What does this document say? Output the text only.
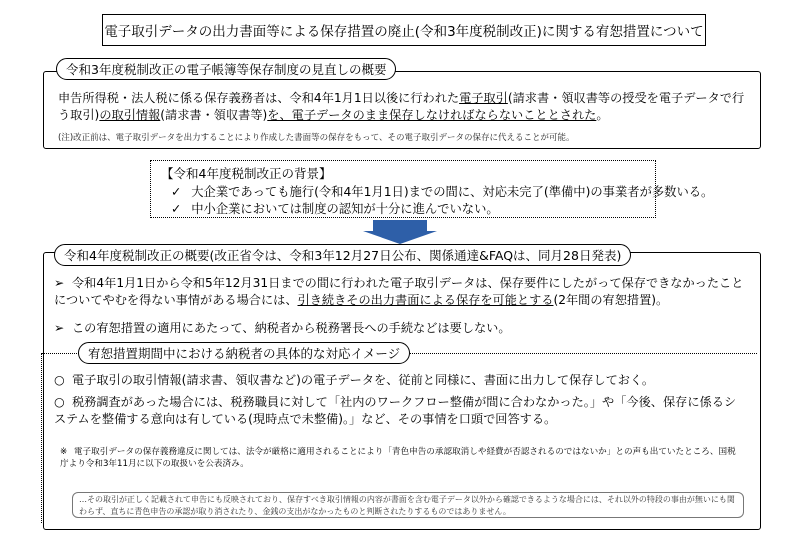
電子取引データの出力書面等による保存措置の廃止(令和3年度税制改正)に関する宥恕措置について
令和3年度税制改正の電子帳簿等保存制度の見直しの概要
申告所得税・法人税に係る保存義務者は、令和4年1月1日以後に行われた電子取引(請求書・領収書等の授受を電子データで行う取引)の取引情報(請求書・領収書等)を、電子データのまま保存しなければならないこととされた。
(注)改正前は、電子取引データを出力することにより作成した書面等の保存をもって、その電子取引データの保存に代えることが可能。
【令和4年度税制改正の背景】
✓ 大企業であっても施行(令和4年1月1日)までの間に、対応未完了(準備中)の事業者が多数いる。
✓ 中小企業においては制度の認知が十分に進んでいない。
令和4年度税制改正の概要(改正省令は、令和3年12月27日公布、関係通達&FAQは、同月28日発表)
➢ 令和4年1月1日から令和5年12月31日までの間に行われた電子取引データは、保存要件にしたがって保存できなかったことについてやむを得ない事情がある場合には、引き続きその出力書面による保存を可能とする(2年間の宥恕措置)。
➢ この宥恕措置の適用にあたって、納税者から税務署長への手続などは要しない。
宥恕措置期間中における納税者の具体的な対応イメージ
○ 電子取引の取引情報(請求書、領収書など)の電子データを、従前と同様に、書面に出力して保存しておく。
○ 税務調査があった場合には、税務職員に対して「社内のワークフロー整備が間に合わなかった。」や「今後、保存に係るシステムを整備する意向は有している(現時点で未整備)。」など、その事情を口頭で回答する。
※ 電子取引データの保存義務違反に関しては、法令が厳格に適用されることにより「青色申告の承認取消しや経費が否認されるのではないか」との声も出ていたところ、国税庁より令和3年11月に以下の取扱いを公表済み。
…その取引が正しく記載されて申告にも反映されており、保存すべき取引情報の内容が書面を含む電子データ以外から確認できるような場合には、それ以外の特段の事由が無いにも関わらず、直ちに青色申告の承認が取り消されたり、金銭の支出がなかったものと判断されたりするものではありません。
